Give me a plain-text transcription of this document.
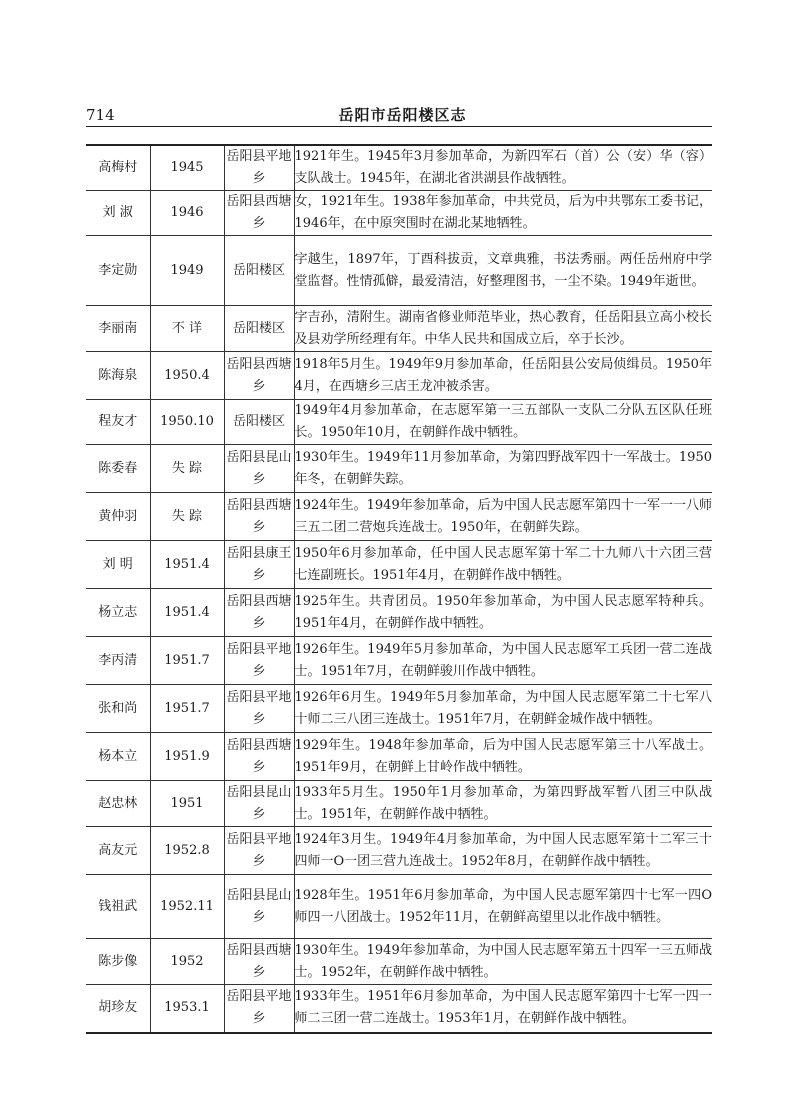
714	岳阳市岳阳楼区志
高梅村	1945	岳阳县平地乡	1921年生。1945年3月参加革命，为新四军石（首）公（安）华（容）支队战士。1945年，在湖北省洪湖县作战牺牲。
刘 淑	1946	岳阳县西塘乡	女，1921年生。1938年参加革命，中共党员，后为中共鄂东工委书记，1946年，在中原突围时在湖北某地牺牲。
李定勋	1949	岳阳楼区	字越生，1897年，丁酉科拔贡，文章典雅，书法秀丽。两任岳州府中学堂监督。性情孤僻，最爱清洁，好整理图书，一尘不染。1949年逝世。
李丽南	不 详	岳阳楼区	字吉孙，清附生。湖南省修业师范毕业，热心教育，任岳阳县立高小校长及县劝学所经理有年。中华人民共和国成立后，卒于长沙。
陈海泉	1950.4	岳阳县西塘乡	1918年5月生。1949年9月参加革命，任岳阳县公安局侦缉员。1950年4月，在西塘乡三店王龙冲被杀害。
程友才	1950.10	岳阳楼区	1949年4月参加革命，在志愿军第一三五部队一支队二分队五区队任班长。1950年10月，在朝鲜作战中牺牲。
陈委春	失 踪	岳阳县昆山乡	1930年生。1949年11月参加革命，为第四野战军四十一军战士。1950年冬，在朝鲜失踪。
黄仲羽	失 踪	岳阳县西塘乡	1924年生。1949年参加革命，后为中国人民志愿军第四十一军一一八师三五二团二营炮兵连战士。1950年，在朝鲜失踪。
刘 明	1951.4	岳阳县康王乡	1950年6月参加革命，任中国人民志愿军第十军二十九师八十六团三营七连副班长。1951年4月，在朝鲜作战中牺牲。
杨立志	1951.4	岳阳县西塘乡	1925年生。共青团员。1950年参加革命，为中国人民志愿军特种兵。1951年4月，在朝鲜作战中牺牲。
李丙清	1951.7	岳阳县平地乡	1926年生。1949年5月参加革命，为中国人民志愿军工兵团一营二连战士。1951年7月，在朝鲜骏川作战中牺牲。
张和尚	1951.7	岳阳县平地乡	1926年6月生。1949年5月参加革命，为中国人民志愿军第二十七军八十师二三八团三连战士。1951年7月，在朝鲜金城作战中牺牲。
杨本立	1951.9	岳阳县西塘乡	1929年生。1948年参加革命，后为中国人民志愿军第三十八军战士。1951年9月，在朝鲜上甘岭作战中牺牲。
赵忠林	1951	岳阳县昆山乡	1933年5月生。1950年1月参加革命，为第四野战军暂八团三中队战士。1951年，在朝鲜作战中牺牲。
高友元	1952.8	岳阳县平地乡	1924年3月生。1949年4月参加革命，为中国人民志愿军第十二军三十四师一O一团三营九连战士。1952年8月，在朝鲜作战中牺牲。
钱祖武	1952.11	岳阳县昆山乡	1928年生。1951年6月参加革命，为中国人民志愿军第四十七军一四O师四一八团战士。1952年11月，在朝鲜高望里以北作战中牺牲。
陈步像	1952	岳阳县西塘乡	1930年生。1949年参加革命，为中国人民志愿军第五十四军一三五师战士。1952年，在朝鲜作战中牺牲。
胡珍友	1953.1	岳阳县平地乡	1933年生。1951年6月参加革命，为中国人民志愿军第四十七军一四一师二三团一营二连战士。1953年1月，在朝鲜作战中牺牲。
